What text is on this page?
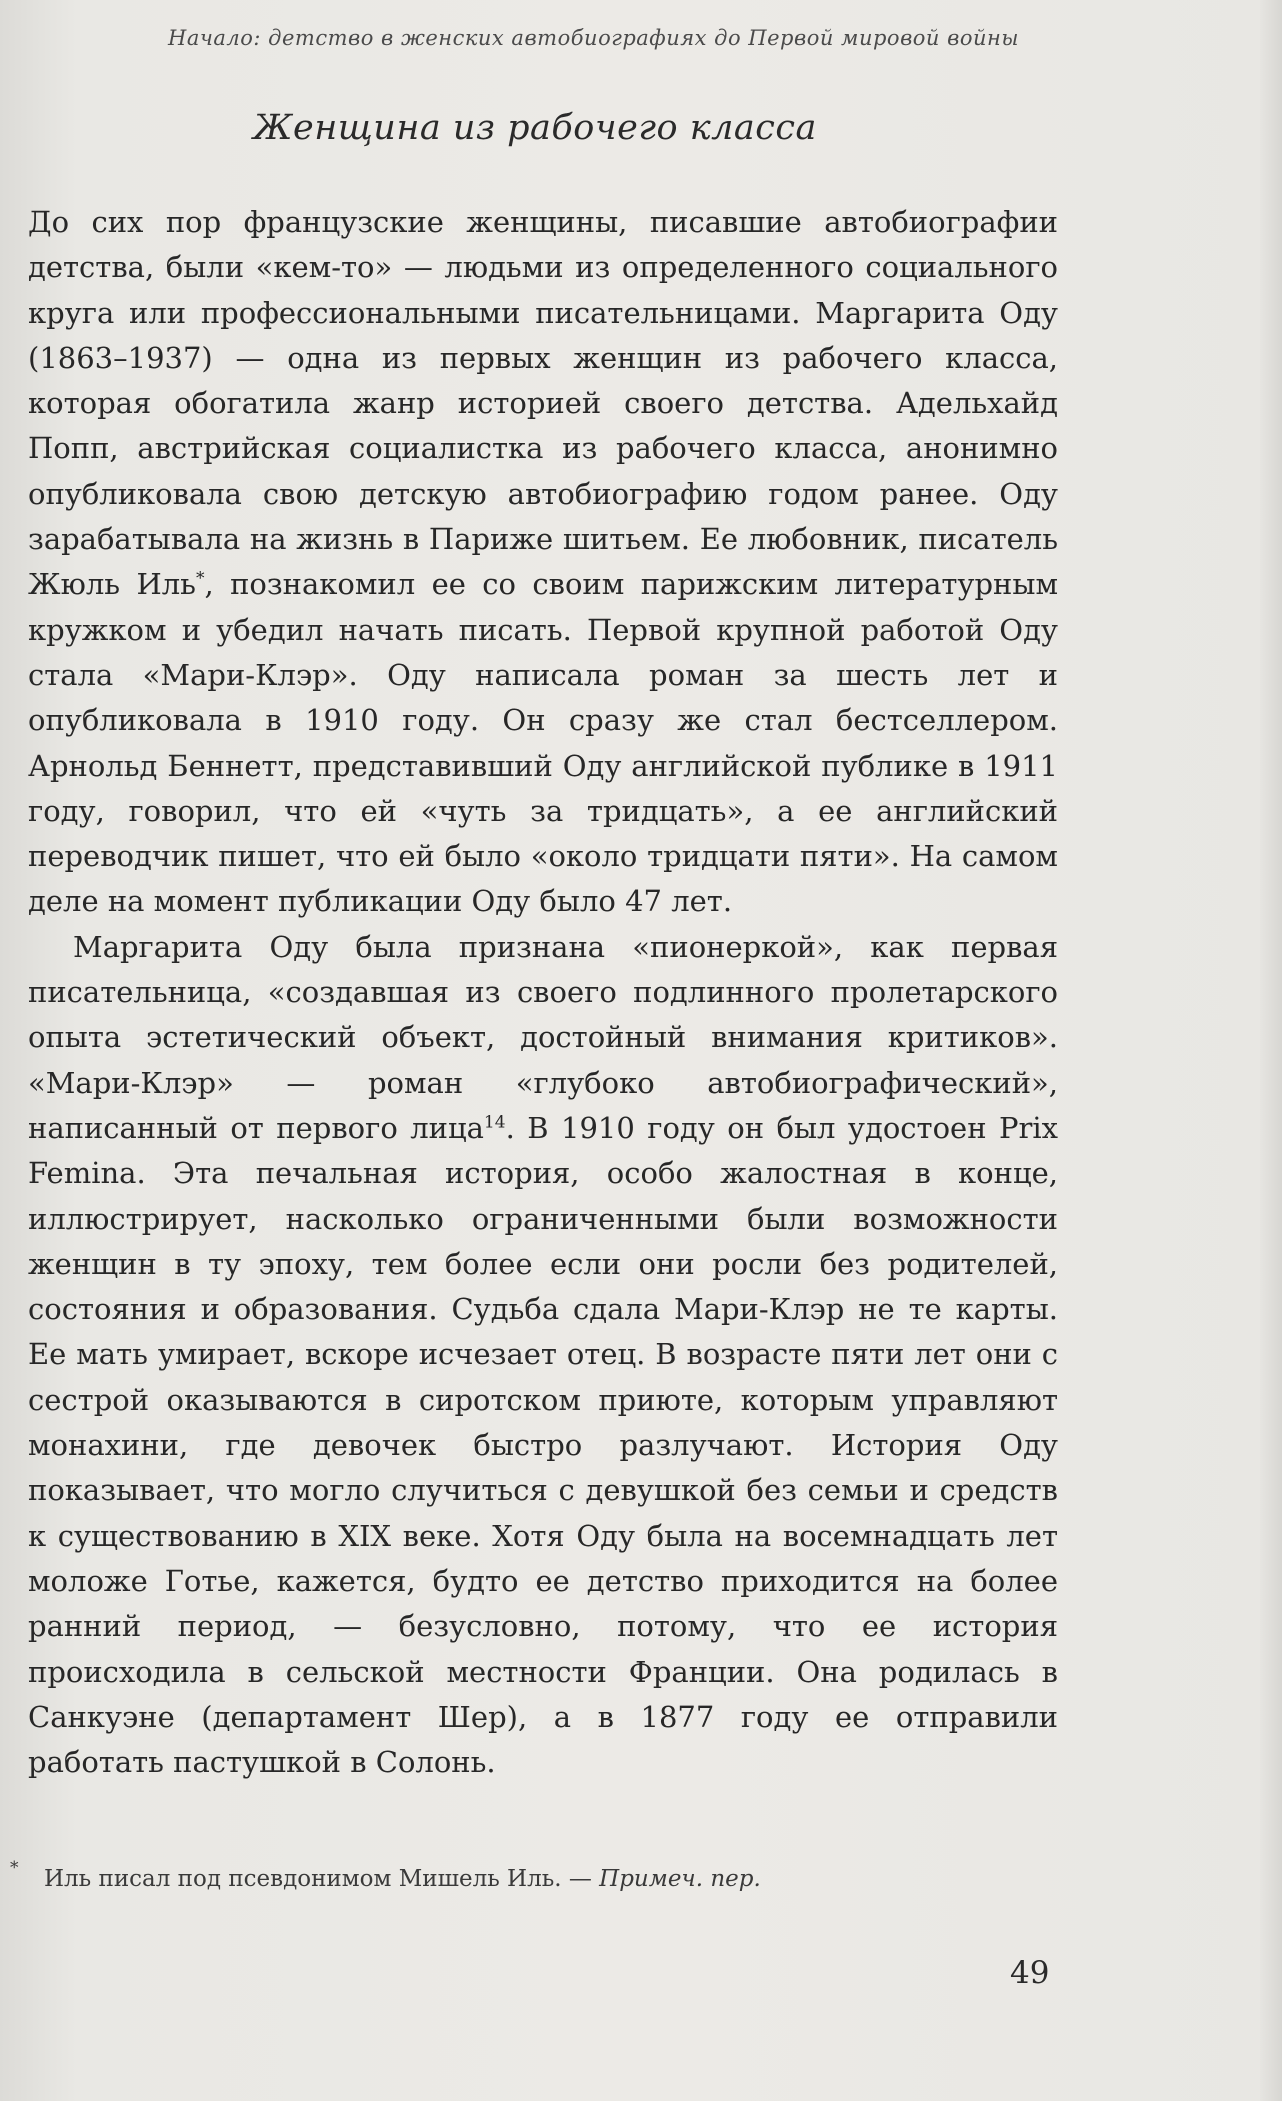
Начало: детство в женских автобиографиях до Первой мировой войны
Женщина из рабочего класса

До сих пор французские женщины, писавшие автобиографии детства, были «кем-то» — людьми из определенного социального круга или профессиональными писательницами. Маргарита Оду (1863–1937) — одна из первых женщин из рабочего класса, которая обогатила жанр историей своего детства. Адельхайд Попп, австрийская социалистка из рабочего класса, анонимно опубликовала свою детскую автобиографию годом ранее. Оду зарабатывала на жизнь в Париже шитьем. Ее любовник, писатель Жюль Иль*, познакомил ее со своим парижским литературным кружком и убедил начать писать. Первой крупной работой Оду стала «Мари-Клэр». Оду написала роман за шесть лет и опубликовала в 1910 году. Он сразу же стал бестселлером. Арнольд Беннетт, представивший Оду английской публике в 1911 году, говорил, что ей «чуть за тридцать», а ее английский переводчик пишет, что ей было «около тридцати пяти». На самом деле на момент публикации Оду было 47 лет.

Маргарита Оду была признана «пионеркой», как первая писательница, «создавшая из своего подлинного пролетарского опыта эстетический объект, достойный внимания критиков». «Мари-Клэр» — роман «глубоко автобиографический», написанный от первого лица$^{14}$. В 1910 году он был удостоен Prix Femina. Эта печальная история, особо жалостная в конце, иллюстрирует, насколько ограниченными были возможности женщин в ту эпоху, тем более если они росли без родителей, состояния и образования. Судьба сдала Мари-Клэр не те карты. Ее мать умирает, вскоре исчезает отец. В возрасте пяти лет они с сестрой оказываются в сиротском приюте, которым управляют монахини, где девочек быстро разлучают. История Оду показывает, что могло случиться с девушкой без семьи и средств к существованию в XIX веке. Хотя Оду была на восемнадцать лет моложе Готье, кажется, будто ее детство приходится на более ранний период, — безусловно, потому, что ее история происходила в сельской местности Франции. Она родилась в Санкуэне (департамент Шер), а в 1877 году ее отправили работать пастушкой в Солонь.

* Иль писал под псевдонимом Мишель Иль. — Примеч. пер.
49
